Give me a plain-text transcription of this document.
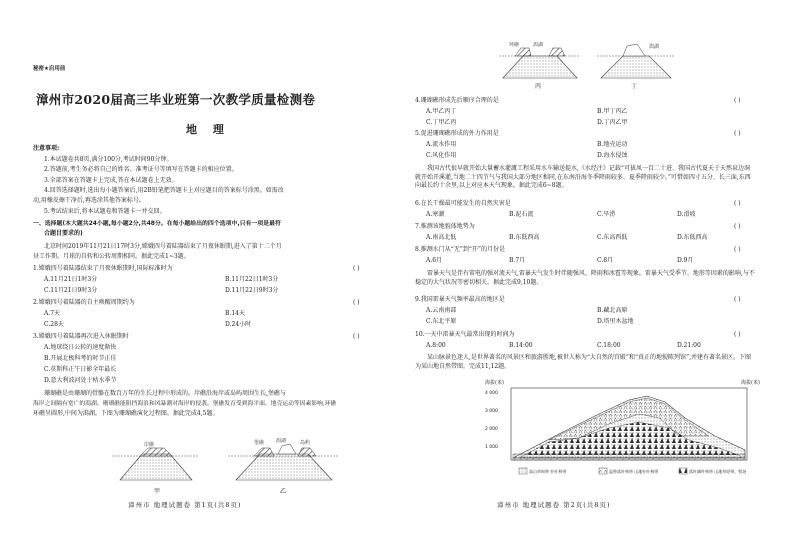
秘密★启用前
漳州市2020届高三毕业班第一次教学质量检测卷
地 理
注意事项:
1.本试题卷共8页,满分100分,考试时间90分钟。
2.答题前,考生务必将自己的姓名、准考证号等填写在答题卡的相应位置。
3.全部答案在答题卡上完成,答在本试题卷上无效。
4.回答选择题时,选出每小题答案后,用2B铅笔把答题卡上对应题目的答案标号涂黑。如需改
动,用橡皮擦干净后,再选涂其他答案标号。
5.考试结束后,将本试题卷和答题卡一并交回。
一、选择题(本大题共24小题,每小题2分,共48分。在每小题给出的四个选项中,只有一项是最符
合题目要求的)
北京时间2019年11月21日17时3分,嫦娥四号着陆器结束了月夜休眠期,进入了第十二个月
昼工作期。月球的自转和公转周期相同。据此完成1~3题。
1.嫦娥四号着陆器结束了月夜休眠期时,国际标准时为	( )
A.11月21日1时3分	B.11月22日1时3分
C.11月21日9时3分	D.11月22日9时3分
2.嫦娥四号着陆器的自主唤醒周期约为	( )
A.7天	B.14天
C.28天	D.24小时
3.嫦娥四号着陆器再次进入休眠期时	( )
A.地球绕日公转的速度渐快
B.开展北极科考的时节正佳
C.莫斯科正午日影全年最长
D.意大利波河处于枯水季节
珊瑚礁是由珊瑚的骨骼在数百万年的生长过程中形成的。岸礁沿海岸或岛屿周围生长,堡礁与
海岸之间隔有宽广的潟湖。珊瑚礁能阻挡海浪和风暴潮对海岸的侵袭。堡礁发育受到海平面、地壳运动等因素影响,环礁
环礁呈圆形,中间为潟湖。下图为珊瑚礁演化过程图。据此完成4,5题。
岸礁	堡礁 潟湖	岛屿
甲	乙
漳州市 地理试题卷 第1页(共8页)
环礁	潟湖	潟湖
丙	丁
4.珊瑚礁形成先后顺序合理的是	( )
A.甲乙丙丁	B.甲丁丙乙
C.丁甲乙丙	D.丁丙乙甲
5.促进珊瑚礁形成的外力作用是	( )
A.流水作用	B.地壳运动
C.风化作用	D.海水侵蚀
我国古代很早就开始大量蓄水灌溉工程采用水车输送提水,《水经注》记载“可拔凤一百二十进、我国古代夏天于天然泉边洞就开始开溪灌,当地二十四节气与我国大部分地区相同,在东南沿海冬季降雨较多、夏季降雨较少。”可惜如四寸五分、长三面,东西向最长约十余里,以上对应本天气现象。据此完成6~8题。
6.在长干燥最可能发生的自然灾害是	( )
A.寒潮	B.泥石流	C.旱涝	D.滑坡
7.推测该地貌体地势为	( )
A.南高北低	B.东低西高	C.东高西低	D.东低西高
8.推测水门从“无”到“开”的月份是	( )
A.6月	B.7月	C.8月	D.9月
雷暴天气是伴有雷电的强对流天气,雷暴天气发生时伴随强风、降雨和冰雹等现象。雷暴天气受季节、地形等因素的影响,与不稳定的大气状况等密切相关。据此完成9,10题。
9.我国雷暴天气频率最高的地区是	( )
A.云南南部	B.藏北高原
C.东北平原	D.塔里木盆地
10.一天中雷暴天气最常出现的时间为	( )
A.8:00	B.14:00	C.18:00	D.21:00
某山脉景色迷人,是世界著名的风景区和旅游胜地,被世人称为“大自然的宫殿”和“真正的地貌陈列馆”,并建有著名景区。下图为某山地自然带图。完成11,12题。
海拔(米)	海拔(米)
4 000
3 000
2 000
1 000
高山草甸带 针叶林带	温带落叶林带 山地针叶林带	落叶阔叶林带 山地草原带、牧场
漳州市 地理试题卷 第2页(共8页)
